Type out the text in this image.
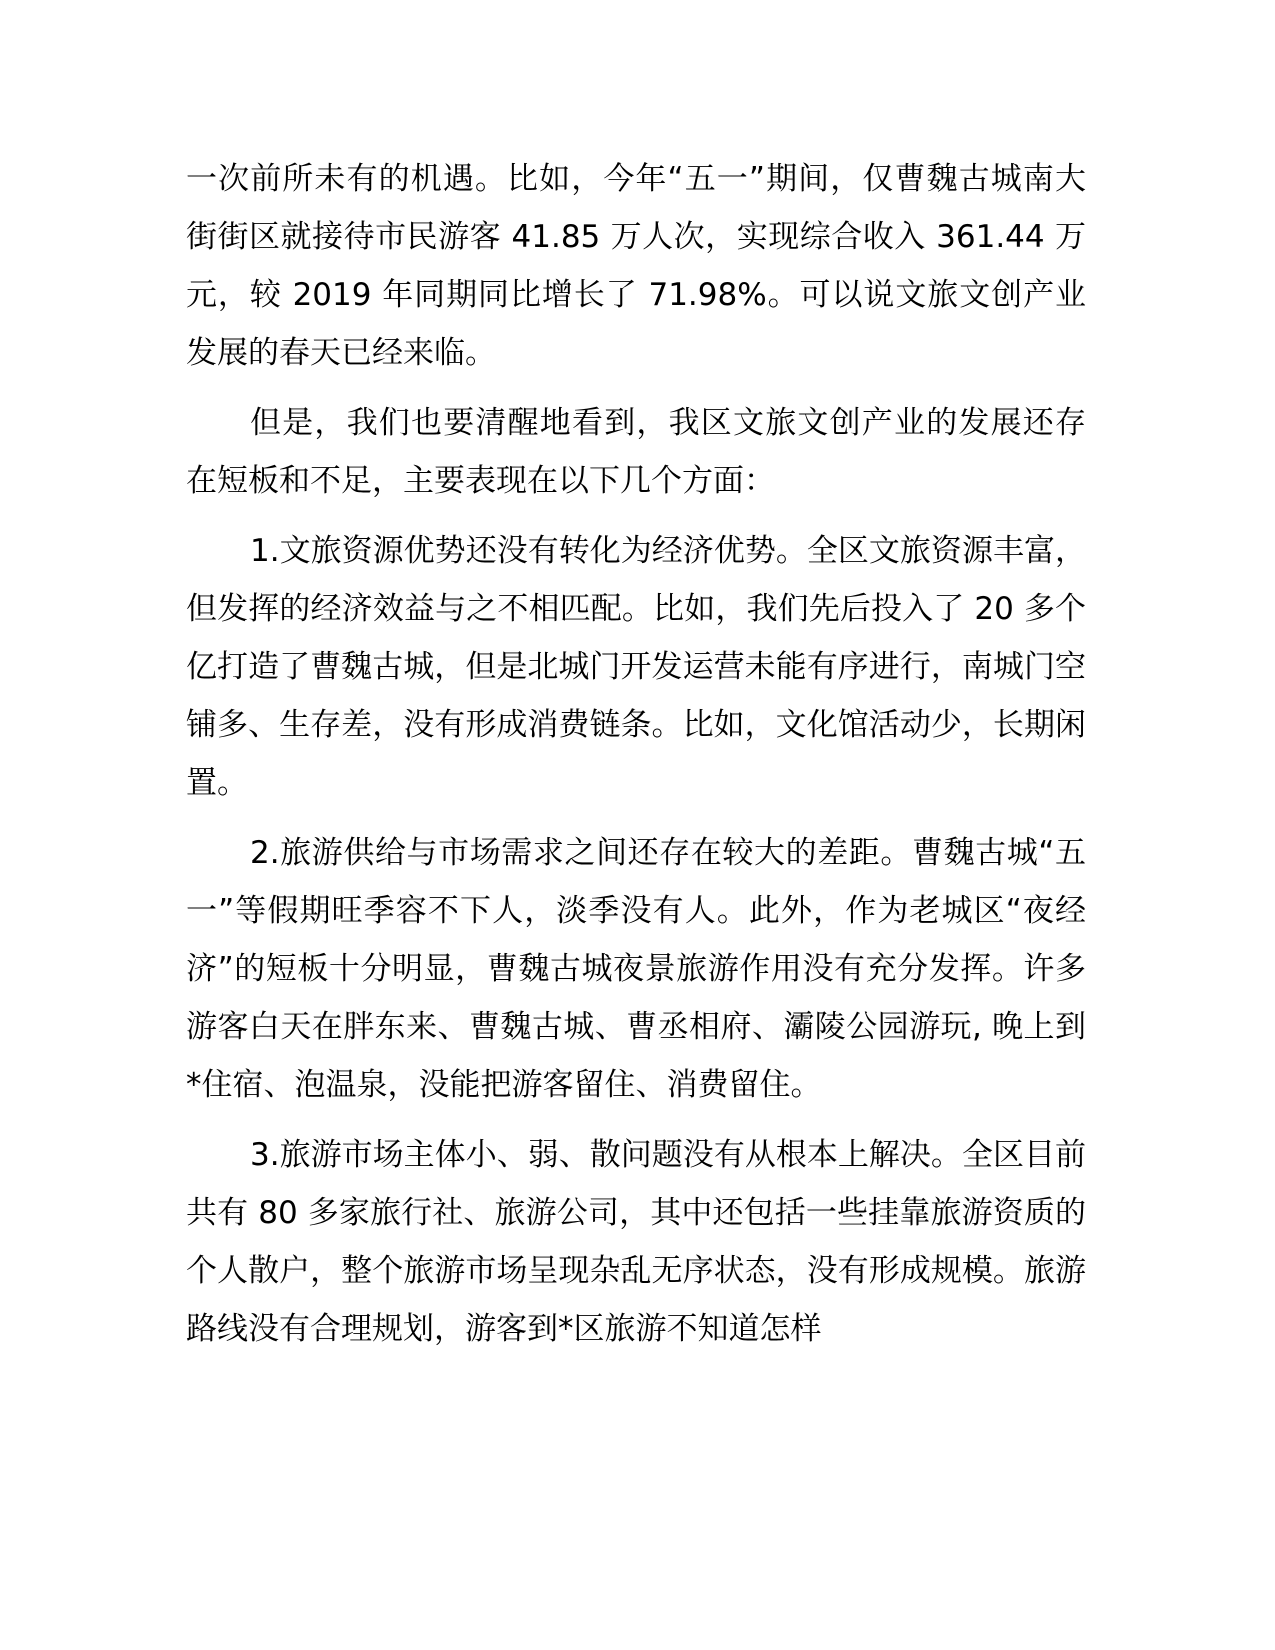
一次前所未有的机遇。比如，今年“五一”期间，仅曹魏古城南大街街区就接待市民游客 41.85 万人次，实现综合收入 361.44 万元，较 2019 年同期同比增长了 71.98%。可以说文旅文创产业发展的春天已经来临。

但是，我们也要清醒地看到，我区文旅文创产业的发展还存在短板和不足，主要表现在以下几个方面：

1.文旅资源优势还没有转化为经济优势。全区文旅资源丰富，但发挥的经济效益与之不相匹配。比如，我们先后投入了 20 多个亿打造了曹魏古城，但是北城门开发运营未能有序进行，南城门空铺多、生存差，没有形成消费链条。比如，文化馆活动少，长期闲置。

2.旅游供给与市场需求之间还存在较大的差距。曹魏古城“五一”等假期旺季容不下人，淡季没有人。此外，作为老城区“夜经济”的短板十分明显，曹魏古城夜景旅游作用没有充分发挥。许多游客白天在胖东来、曹魏古城、曹丞相府、灞陵公园游玩, 晚上到*住宿、泡温泉，没能把游客留住、消费留住。

3.旅游市场主体小、弱、散问题没有从根本上解决。全区目前共有 80 多家旅行社、旅游公司，其中还包括一些挂靠旅游资质的个人散户，整个旅游市场呈现杂乱无序状态，没有形成规模。旅游路线没有合理规划，游客到*区旅游不知道怎样
